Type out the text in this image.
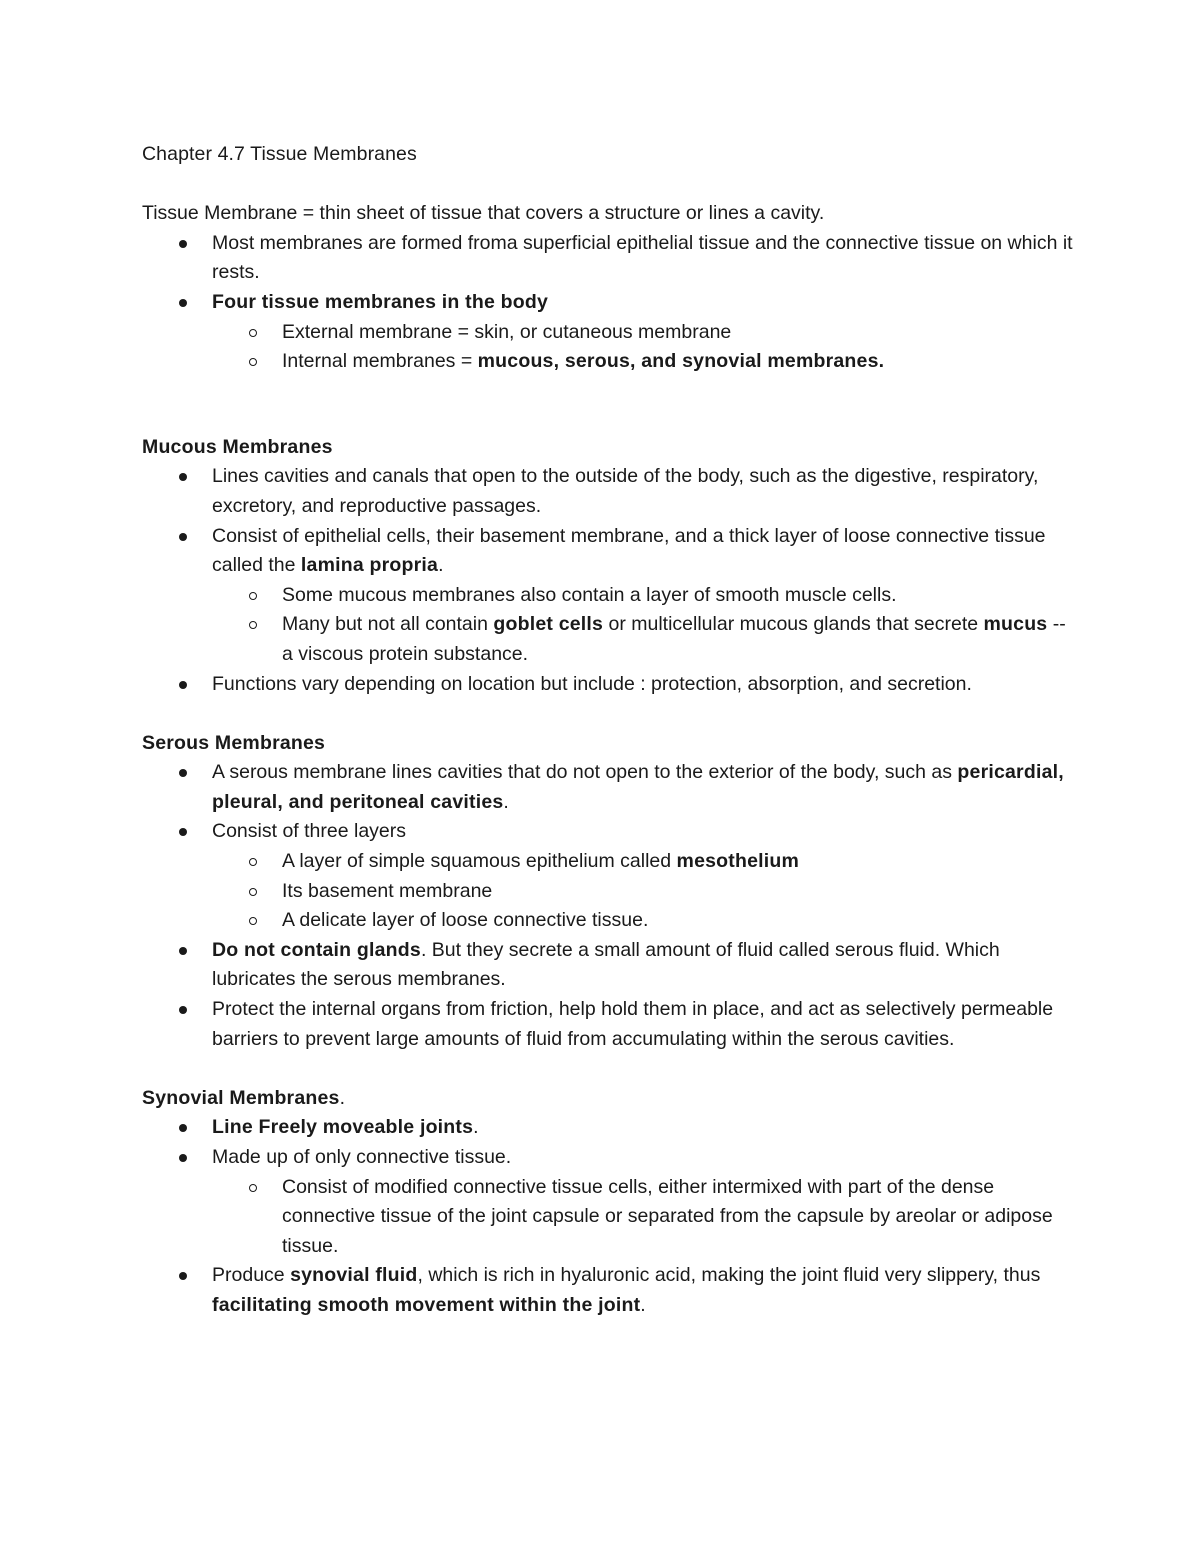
Chapter 4.7 Tissue Membranes

Tissue Membrane = thin sheet of tissue that covers a structure or lines a cavity.

Most membranes are formed froma superficial epithelial tissue and the connective tissue on which it rests.
Four tissue membranes in the body
External membrane = skin, or cutaneous membrane
Internal membranes = mucous, serous, and synovial membranes.

Mucous Membranes

Lines cavities and canals that open to the outside of the body, such as the digestive, respiratory, excretory, and reproductive passages.
Consist of epithelial cells, their basement membrane, and a thick layer of loose connective tissue called the lamina propria.
Some mucous membranes also contain a layer of smooth muscle cells.
Many but not all contain goblet cells or multicellular mucous glands that secrete mucus -- a viscous protein substance.
Functions vary depending on location but include : protection, absorption, and secretion.

Serous Membranes

A serous membrane lines cavities that do not open to the exterior of the body, such as pericardial, pleural, and peritoneal cavities.
Consist of three layers
A layer of simple squamous epithelium called mesothelium
Its basement membrane
A delicate layer of loose connective tissue.
Do not contain glands. But they secrete a small amount of fluid called serous fluid. Which lubricates the serous membranes.
Protect the internal organs from friction, help hold them in place, and act as selectively permeable barriers to prevent large amounts of fluid from accumulating within the serous cavities.

Synovial Membranes.

Line Freely moveable joints.
Made up of only connective tissue.
Consist of modified connective tissue cells, either intermixed with part of the dense connective tissue of the joint capsule or separated from the capsule by areolar or adipose tissue.
Produce synovial fluid, which is rich in hyaluronic acid, making the joint fluid very slippery, thus facilitating smooth movement within the joint.
